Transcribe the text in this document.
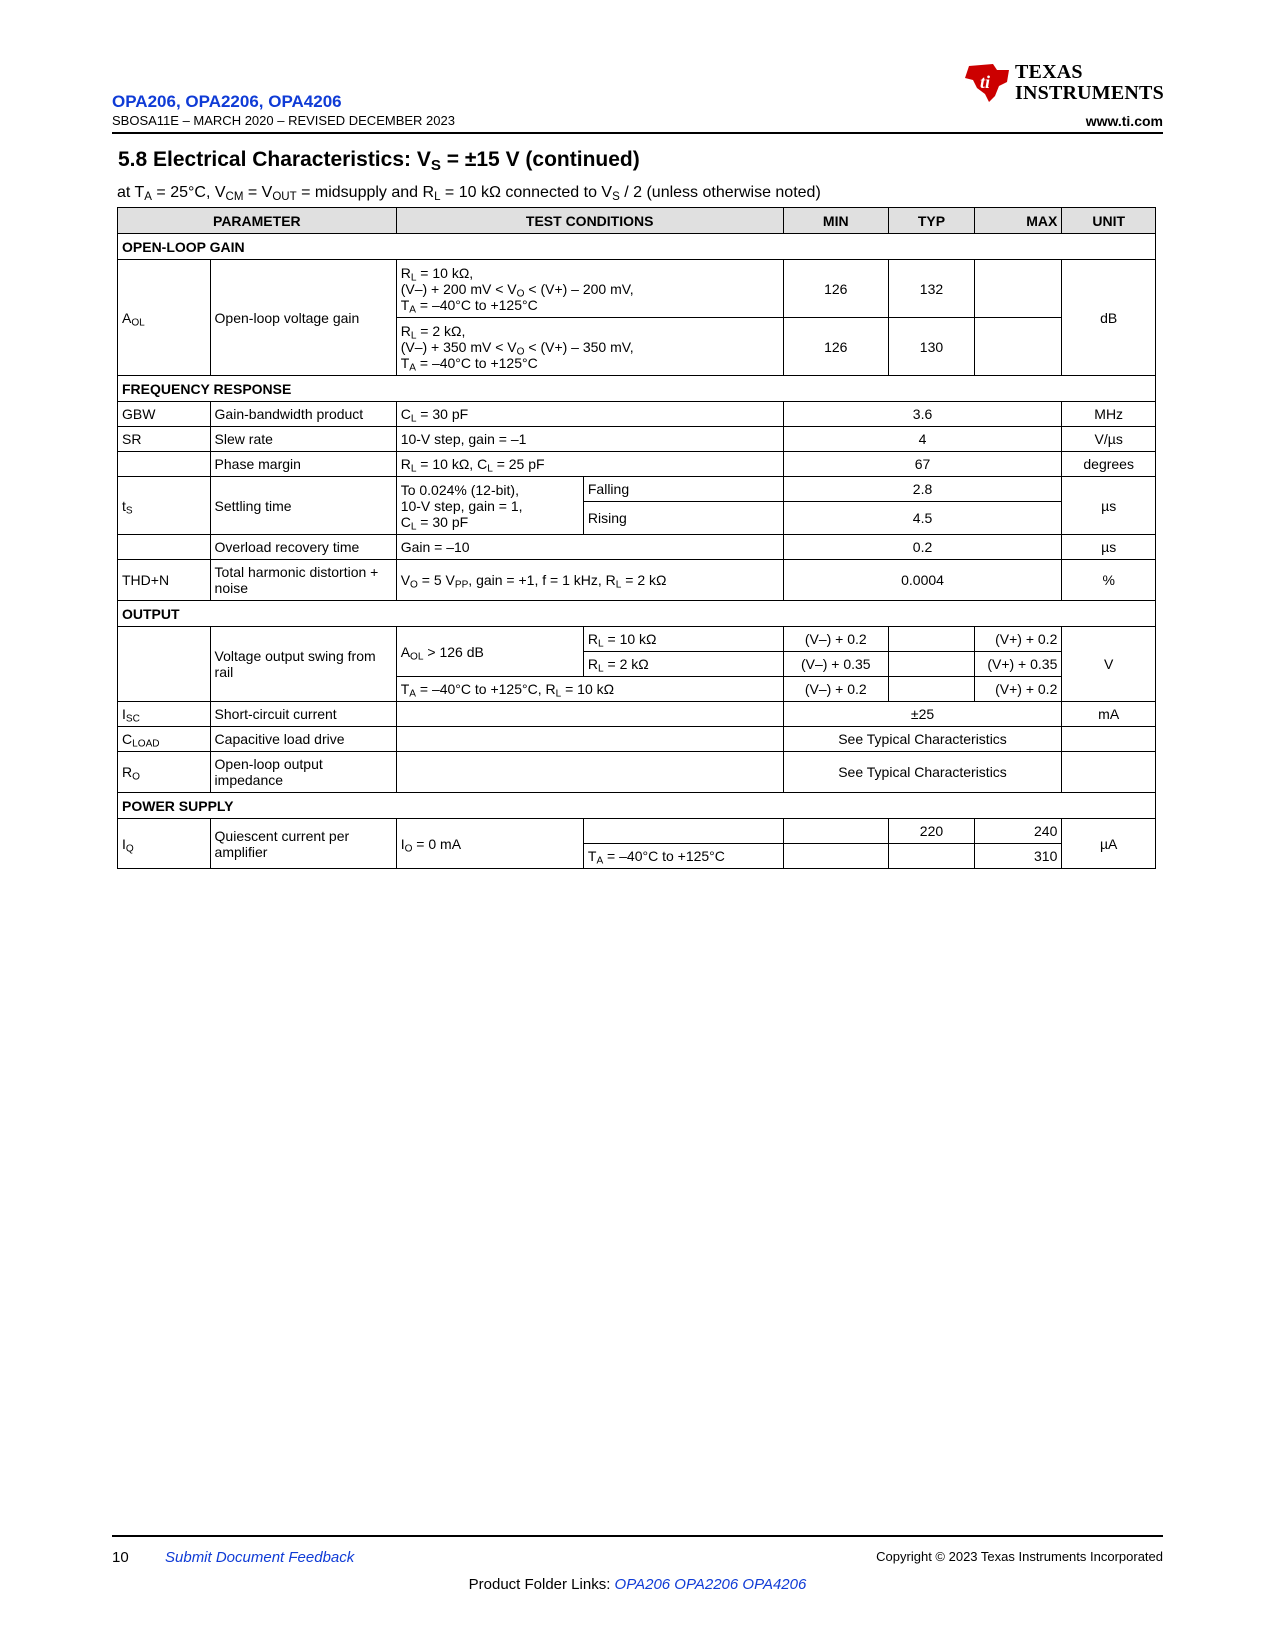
OPA206, OPA2206, OPA4206
SBOSA11E – MARCH 2020 – REVISED DECEMBER 2023
ti TEXAS
INSTRUMENTS
www.ti.com
5.8 Electrical Characteristics: $V_S = \pm 15$ V (continued)
at $T_A = 25^\circ C$, $V_{CM} = V_{OUT}$ = midsupply and $R_L = 10$ kΩ connected to $V_S / 2$ (unless otherwise noted)
PARAMETER		TEST CONDITIONS		MIN	TYP	MAX	UNIT
OPEN-LOOP GAIN							
$A_{OL}$	Open-loop voltage gain	$R_L = 10$ kΩ,
(V–) + 200 mV < $V_O < (V+) - 200$ mV,
$T_A = -40^\circ C$ to +125°C		126	132		dB
		$R_L = 2$ kΩ,
(V–) + 350 mV < $V_O < (V+) - 350$ mV,
$T_A = -40^\circ C$ to +125°C		126	130		
FREQUENCY RESPONSE							
GBW	Gain-bandwidth product	$C_L = 30$ pF		3.6			MHz
SR	Slew rate	10-V step, gain = –1		4			V/µs
	Phase margin	$R_L = 10$ kΩ, $C_L = 25$ pF		67			degrees
$t_S$	Settling time	To 0.024% (12-bit),
10-V step, gain = 1,
$C_L = 30$ pF	Falling	2.8			µs
			Rising	4.5			
	Overload recovery time	Gain = –10		0.2			µs
THD+N	Total harmonic distortion + noise	$V_O = 5$ $V_{PP}$, gain = +1, f = 1 kHz, $R_L = 2$ kΩ		0.0004			%
OUTPUT							
	Voltage output swing from rail	$A_{OL} > 126$ dB	$R_L = 10$ kΩ	(V–) + 0.2		(V+) + 0.2	V
			$R_L = 2$ kΩ	(V–) + 0.35		(V+) + 0.35	
		$T_A = -40^\circ C$ to +125°C, $R_L = 10$ kΩ		(V–) + 0.2		(V+) + 0.2	
$I_{SC}$	Short-circuit current			±25			mA
$C_{LOAD}$	Capacitive load drive			See Typical Characteristics			
$R_O$	Open-loop output impedance			See Typical Characteristics			
POWER SUPPLY							
$I_Q$	Quiescent current per amplifier	$I_O = 0$ mA			220	240	µA
			$T_A = -40^\circ C$ to +125°C			310	
10 Submit Document Feedback	Copyright © 2023 Texas Instruments Incorporated
Product Folder Links: OPA206 OPA2206 OPA4206
